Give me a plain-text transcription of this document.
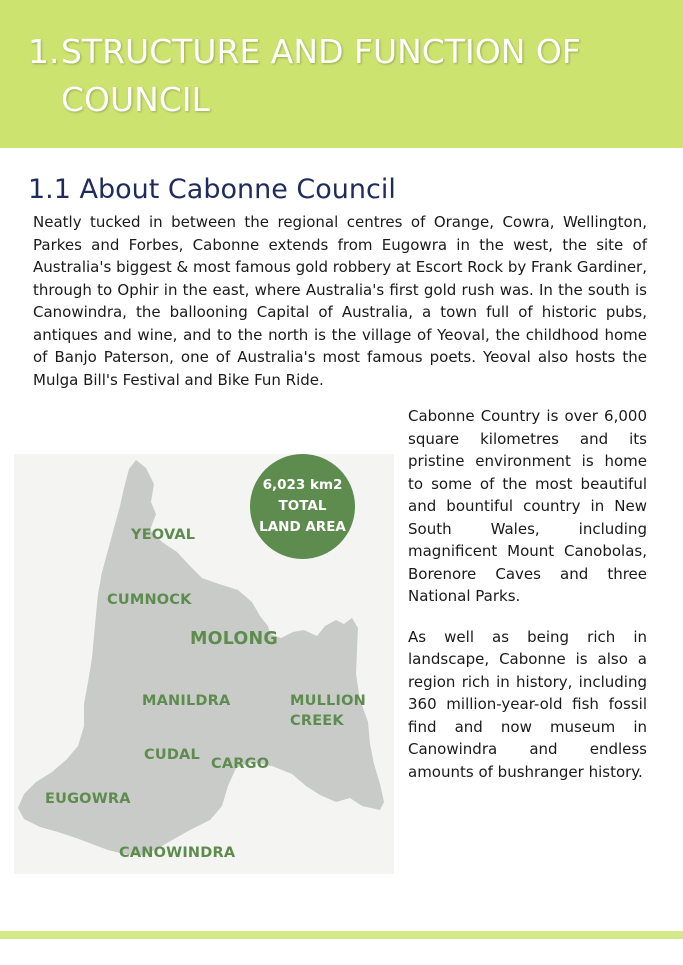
1.STRUCTURE AND FUNCTION OF
COUNCIL
1.1 About Cabonne Council

Neatly tucked in between the regional centres of Orange, Cowra, Wellington, Parkes and Forbes, Cabonne extends from Eugowra in the west, the site of Australia's biggest & most famous gold robbery at Escort Rock by Frank Gardiner, through to Ophir in the east, where Australia's first gold rush was. In the south is Canowindra, the ballooning Capital of Australia, a town full of historic pubs, antiques and wine, and to the north is the village of Yeoval, the childhood home of Banjo Paterson, one of Australia's most famous poets. Yeoval also hosts the Mulga Bill's Festival and Bike Fun Ride.

YEOVAL
CUMNOCK
MOLONG
MANILDRA	MULLION
CREEK
CUDAL
CARGO
EUGOWRA
CANOWINDRA
6,023 km2
TOTAL
LAND AREA

Cabonne Country is over 6,000 square kilometres and its pristine environment is home to some of the most beautiful and bountiful country in New South Wales, including magnificent Mount Canobolas, Borenore Caves and three National Parks.

As well as being rich in landscape, Cabonne is also a region rich in history, including 360 million-year-old fish fossil find and now museum in Canowindra and endless amounts of bushranger history.
